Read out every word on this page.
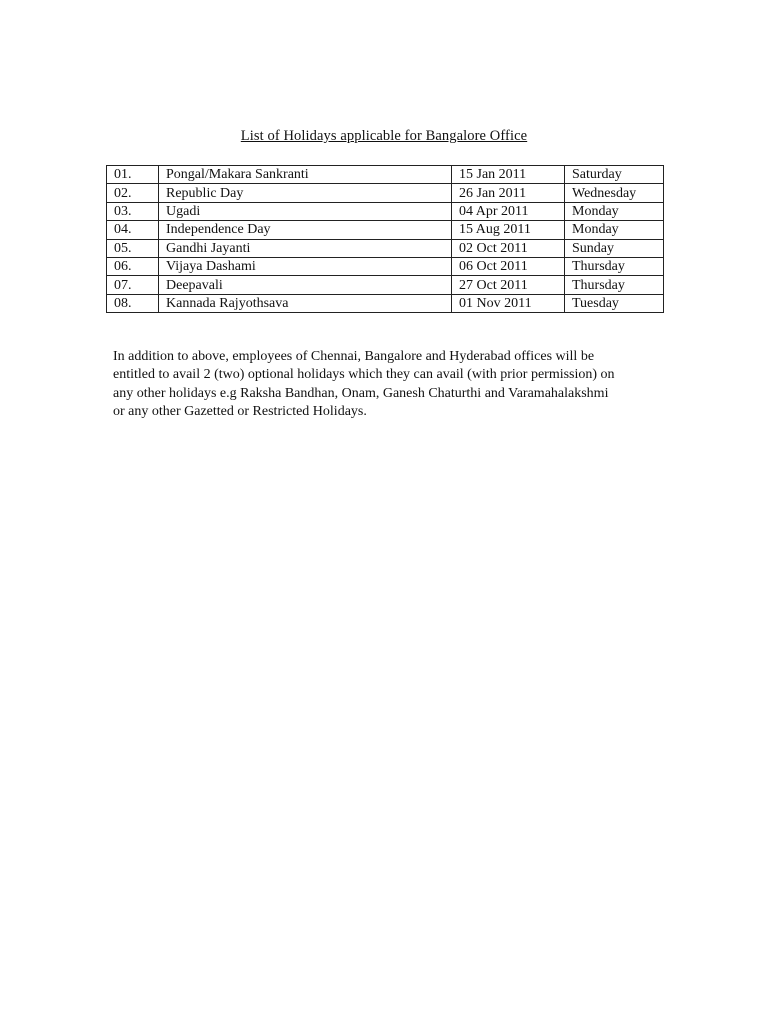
List of Holidays applicable for Bangalore Office
01.	Pongal/Makara Sankranti	15 Jan 2011	Saturday
02.	Republic Day	26 Jan 2011	Wednesday
03.	Ugadi	04 Apr 2011	Monday
04.	Independence Day	15 Aug 2011	Monday
05.	Gandhi Jayanti	02 Oct 2011	Sunday
06.	Vijaya Dashami	06 Oct 2011	Thursday
07.	Deepavali	27 Oct 2011	Thursday
08.	Kannada Rajyothsava	01 Nov 2011	Tuesday

In addition to above, employees of Chennai, Bangalore and Hyderabad offices will be
entitled to avail 2 (two) optional holidays which they can avail (with prior permission) on
any other holidays e.g Raksha Bandhan, Onam, Ganesh Chaturthi and Varamahalakshmi
or any other Gazetted or Restricted Holidays.
